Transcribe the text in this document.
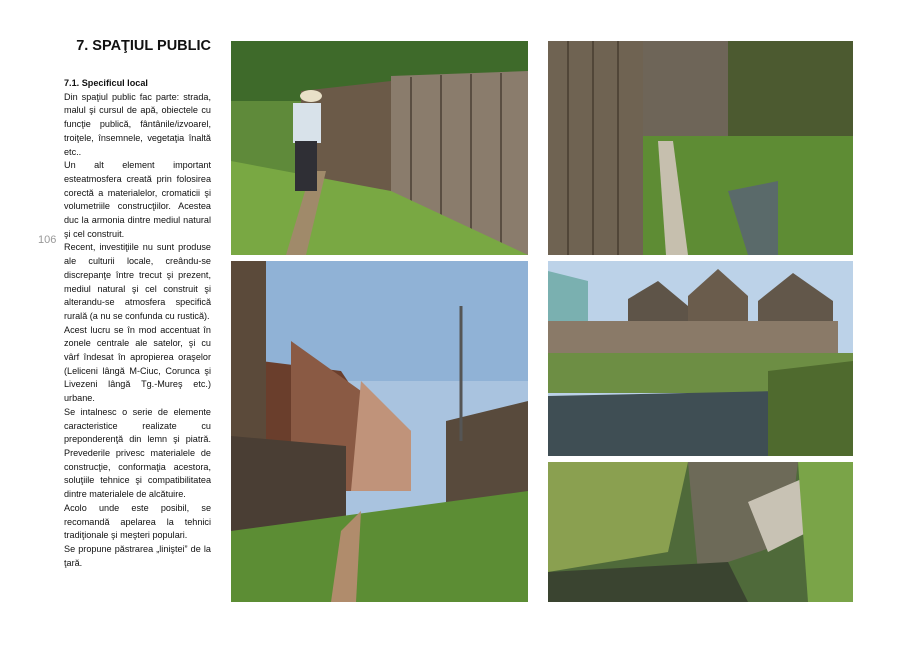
7. SPAŢIUL PUBLIC
106
7.1. Specificul local

Din spaţiul public fac parte: strada, malul şi cursul de apă, obiectele cu funcţie publică, fântânile/izvoarel, troiţele, însemnele, vegetaţia înaltă etc..

Un alt element important esteatmosfera creată prin folosirea corectă a materialelor, cromaticii şi volumetriile construcţiilor. Acestea duc la armonia dintre mediul natural şi cel construit.

Recent, investiţiile nu sunt produse ale culturii locale, creându-se discrepanţe între trecut şi prezent, mediul natural şi cel construit şi alterandu-se atmosfera specifică rurală (a nu se confunda cu rustică).

Acest lucru se în mod accentuat în zonele centrale ale satelor, şi cu vârf îndesat în apropierea oraşelor (Leliceni lângă M-Ciuc, Corunca şi Livezeni lângă Tg.-Mureş etc.) urbane.

Se intalnesc o serie de elemente caracteristice realizate cu preponderenţă din lemn şi piatră. Prevederile privesc materialele de construcţie, conformaţia acestora, soluţiile tehnice şi compatibilitatea dintre materialele de alcătuire.

Acolo unde este posibil, se recomandă apelarea la tehnici tradiţionale şi meşteri populari.

Se propune păstrarea „liniştei” de la ţară.
